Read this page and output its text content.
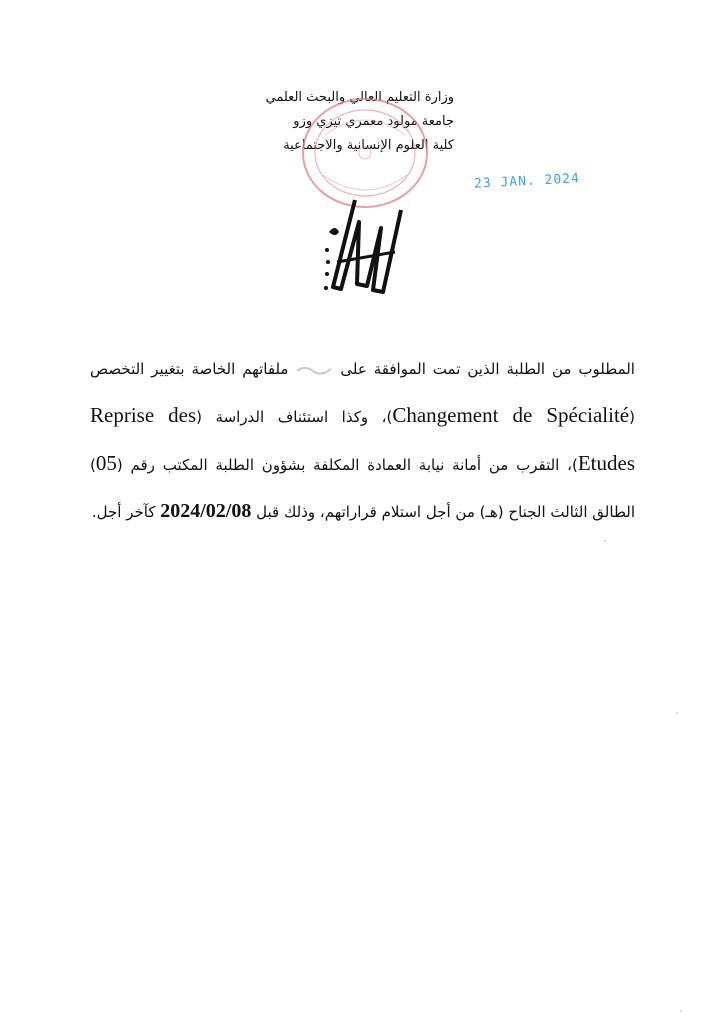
وزارة التعليم العالي والبحث العلمي
جامعة مولود معمري تيزي وزو
كلية العلوم الإنسانية والاجتماعية
23 JAN. 2024
المطلوب من الطلبة الذين تمت الموافقة على  ملفاتهم الخاصة بتغيير التخصص (Changement de Spécialité)، وكذا استئناف الدراسة (Reprise des Etudes)، التقرب من أمانة نيابة العمادة المكلفة بشؤون الطلبة المكتب رقم (05) الطالق الثالث الجناح (هـ) من أجل استلام قراراتهم، وذلك قبل 2024/02/08 كآخر أجل.
